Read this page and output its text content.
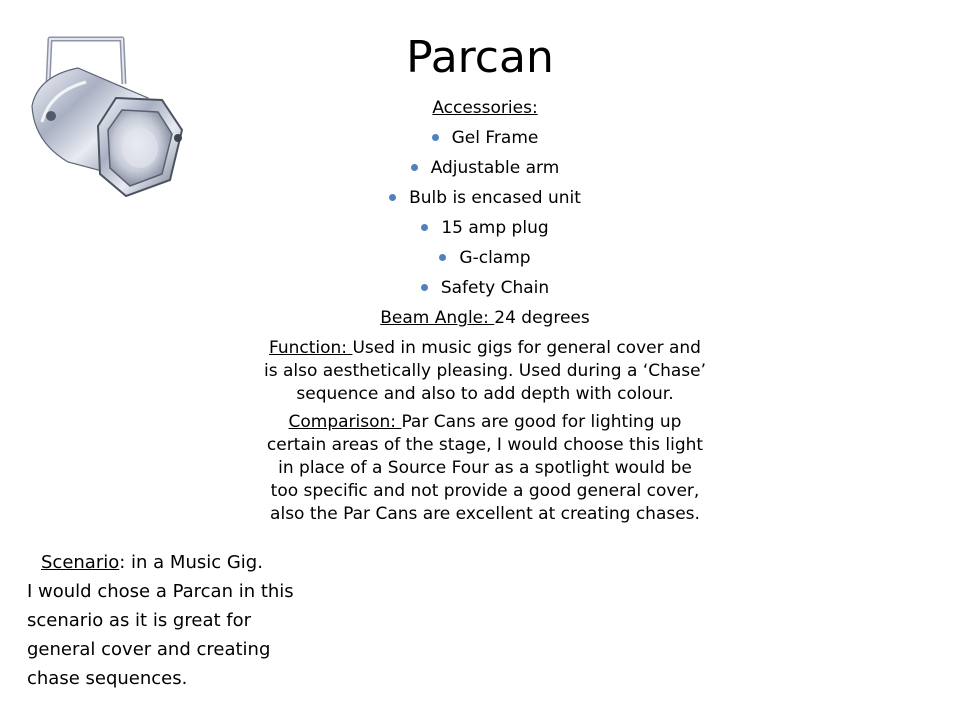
Parcan
Accessories:
Gel Frame
Adjustable arm
Bulb is encased unit
15 amp plug
G-clamp
Safety Chain
Beam Angle: 24 degrees
Function: Used in music gigs for general cover and is also aesthetically pleasing. Used during a ‘Chase’ sequence and also to add depth with colour.
Comparison: Par Cans are good for lighting up certain areas of the stage, I would choose this light in place of a Source Four as a spotlight would be too specific and not provide a good general cover, also the Par Cans are excellent at creating chases.
Scenario: in a Music Gig.
I would chose a Parcan in this scenario as it is great for general cover and creating chase sequences.
